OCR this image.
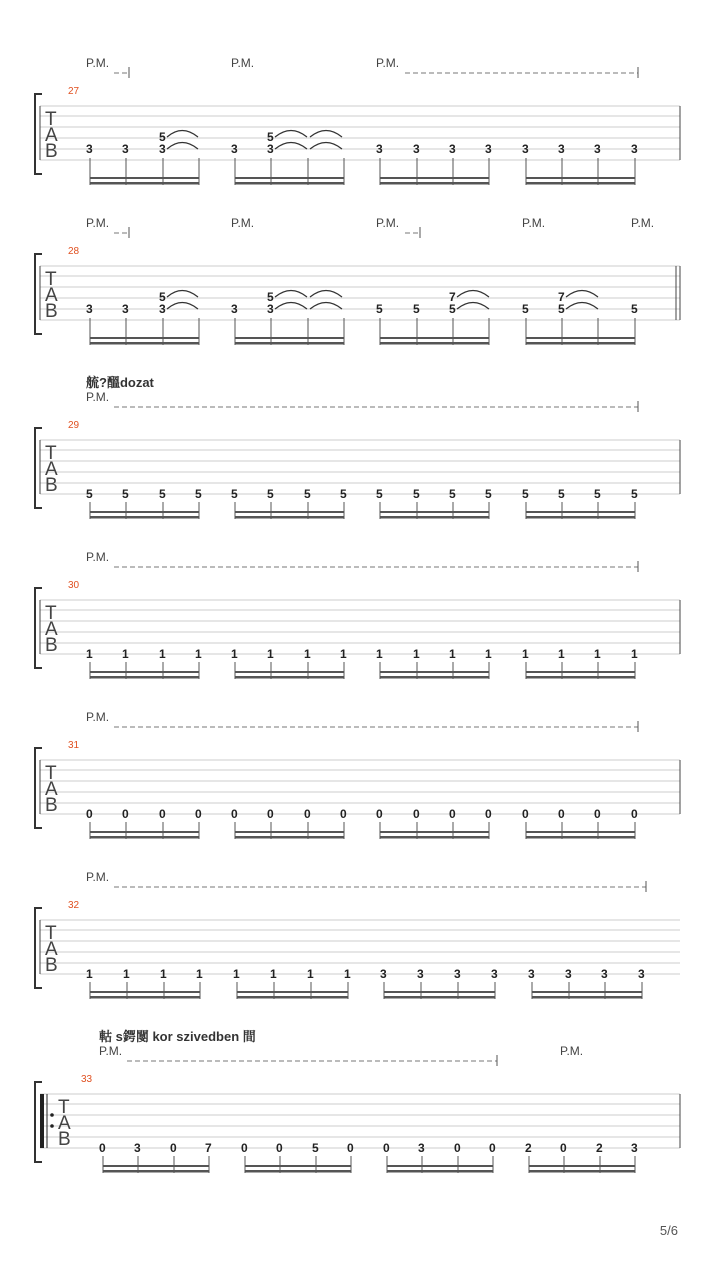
P.M.	P.M.	P.M.
27
T
A
B 3 3	3
5
3 3
5
3	3 3 3	3 3 3	3
P.M.	P.M.	P.M.	P.M.	P.M.
28
T
A
B 3 3	3
5
3 3
5
5	5 5
7
5 5
7
5
艈?醞dozat
P.M.
29
T
A
B 5 5	5 5 5 5	5 5 5	5 5 5	5 5 5	5
P.M.
30
T
A
B 1 1	1 1 1 1	1 1 1	1 1 1	1 1 1	1
P.M.
31
T
A
B 0 0	0 0 0 0	0 0 0	0 0 0	0 0 0	0
P.M.
32
T
A
B 1	1	1 1	1	1	1	1 3	3	3	3	3	3 3	3
軲 s鍔閺 kor szivedben 間
P.M.	P.M.
33
T
A
B 0 3 0 7 0 0 5 0 0 3 0 0 2 0 2 3
5/6
